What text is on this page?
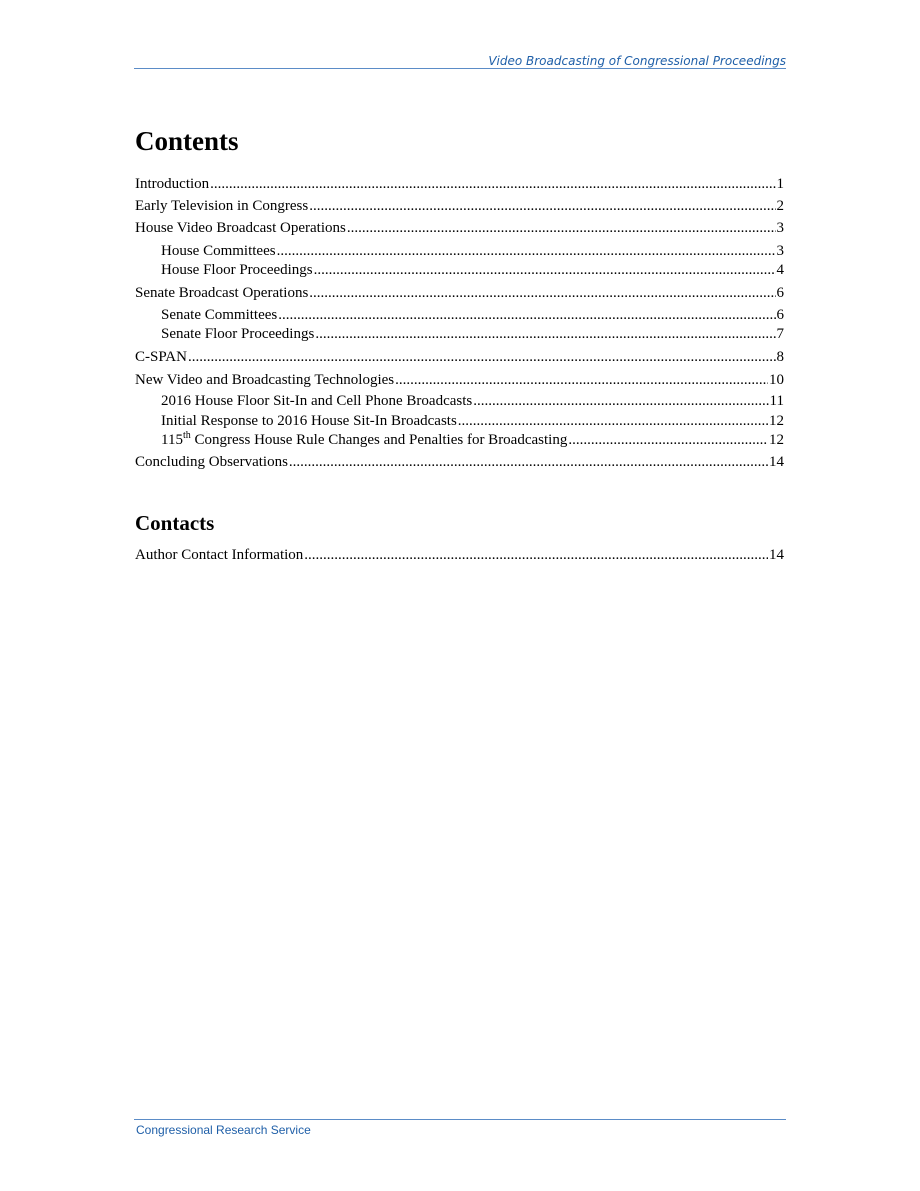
Video Broadcasting of Congressional Proceedings
Contents
Introduction .....	1
Early Television in Congress .....	2
House Video Broadcast Operations .....	3
House Committees .....	3
House Floor Proceedings .....	4
Senate Broadcast Operations .....	6
Senate Committees .....	6
Senate Floor Proceedings .....	7
C-SPAN .....	8
New Video and Broadcasting Technologies .....	10
2016 House Floor Sit-In and Cell Phone Broadcasts .....	11
Initial Response to 2016 House Sit-In Broadcasts .....	12
115th Congress House Rule Changes and Penalties for Broadcasting .....	12
Concluding Observations .....	14
Contacts
Author Contact Information .....	14
Congressional Research Service
